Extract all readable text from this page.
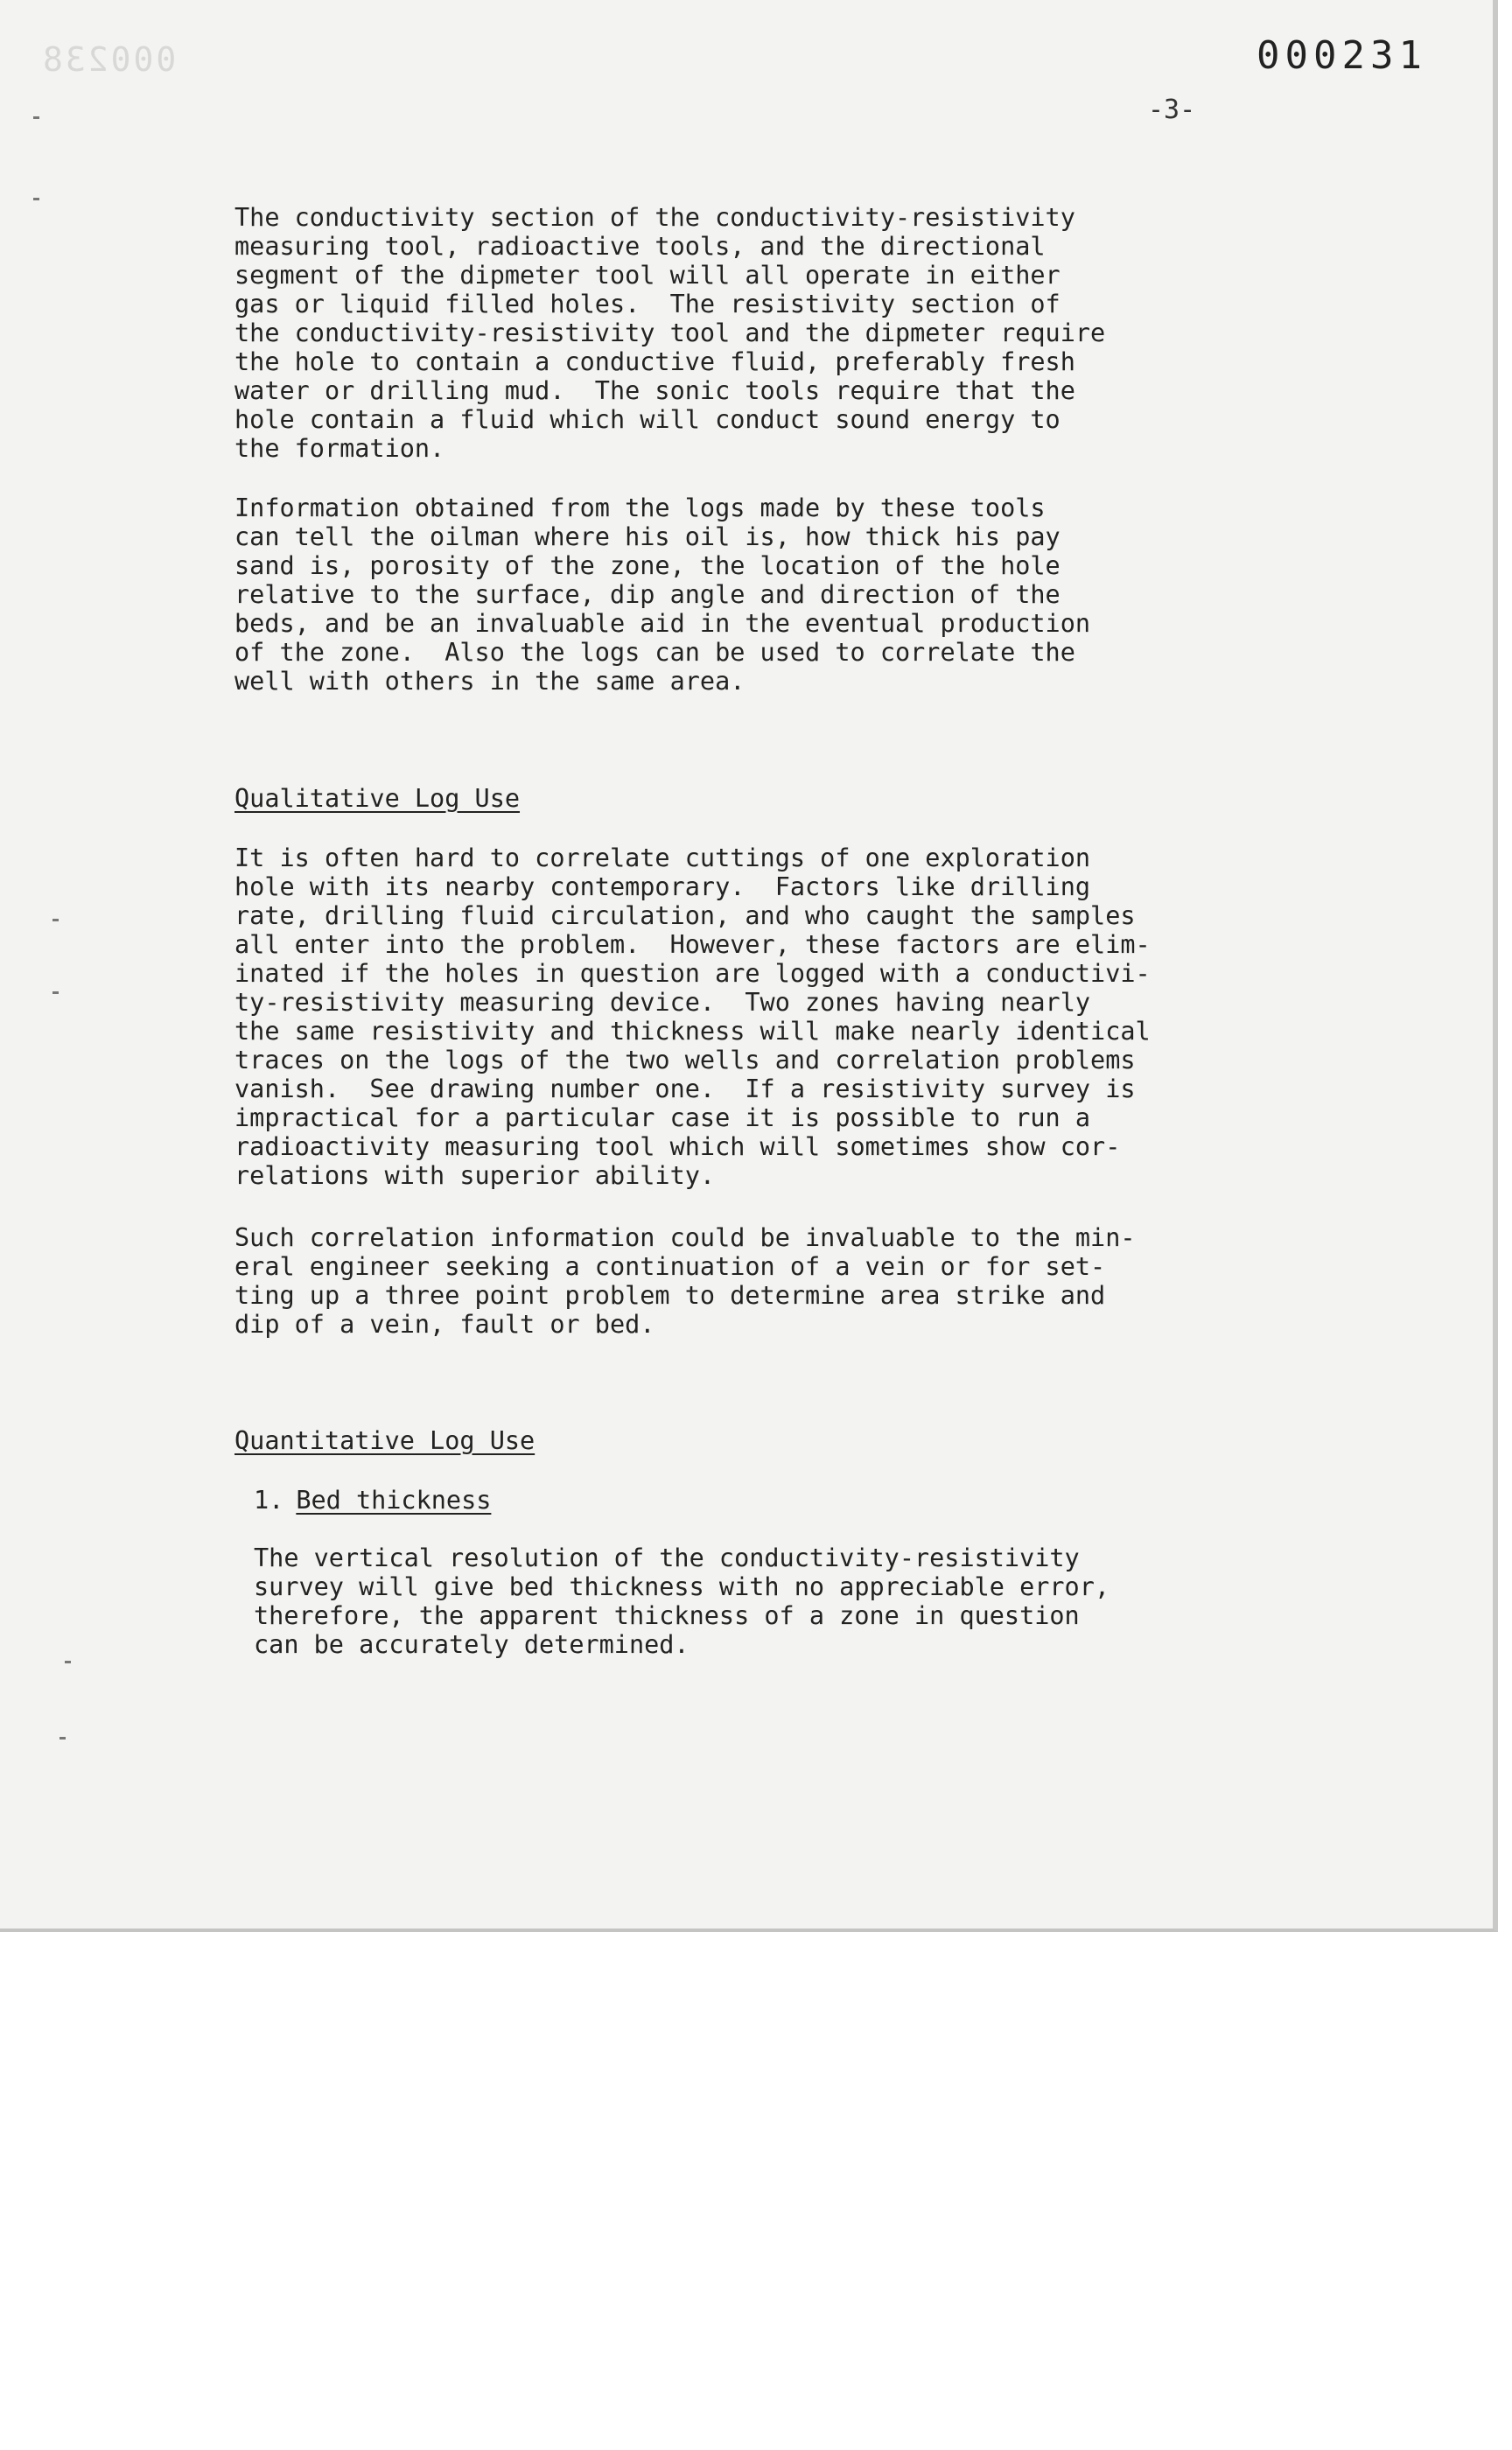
000238	000231
-3-
The conductivity section of the conductivity-resistivity
measuring tool, radioactive tools, and the directional
segment of the dipmeter tool will all operate in either
gas or liquid filled holes.  The resistivity section of
the conductivity-resistivity tool and the dipmeter require
the hole to contain a conductive fluid, preferably fresh
water or drilling mud.  The sonic tools require that the
hole contain a fluid which will conduct sound energy to
the formation.
Information obtained from the logs made by these tools
can tell the oilman where his oil is, how thick his pay
sand is, porosity of the zone, the location of the hole
relative to the surface, dip angle and direction of the
beds, and be an invaluable aid in the eventual production
of the zone.  Also the logs can be used to correlate the
well with others in the same area.

Qualitative Log Use

It is often hard to correlate cuttings of one exploration
hole with its nearby contemporary.  Factors like drilling
rate, drilling fluid circulation, and who caught the samples
all enter into the problem.  However, these factors are elim-
inated if the holes in question are logged with a conductivi-
ty-resistivity measuring device.  Two zones having nearly
the same resistivity and thickness will make nearly identical
traces on the logs of the two wells and correlation problems
vanish.  See drawing number one.  If a resistivity survey is
impractical for a particular case it is possible to run a
radioactivity measuring tool which will sometimes show cor-
relations with superior ability.
Such correlation information could be invaluable to the min-
eral engineer seeking a continuation of a vein or for set-
ting up a three point problem to determine area strike and
dip of a vein, fault or bed.

Quantitative Log Use

1. Bed thickness

The vertical resolution of the conductivity-resistivity
survey will give bed thickness with no appreciable error,
therefore, the apparent thickness of a zone in question
can be accurately determined.
